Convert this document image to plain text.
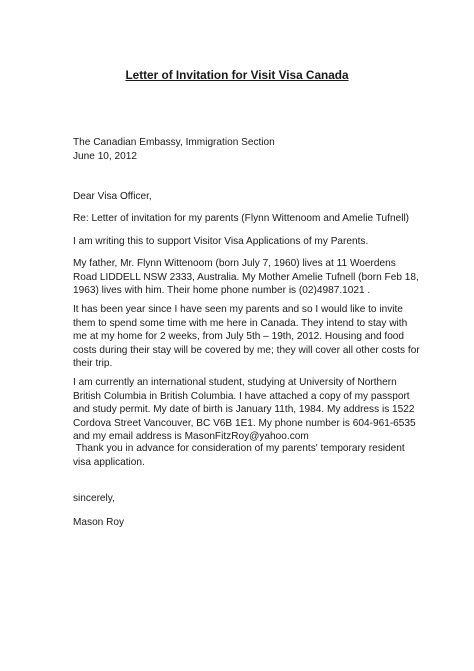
Letter of Invitation for Visit Visa Canada
The Canadian Embassy, Immigration Section
June 10, 2012
Dear Visa Officer,
Re: Letter of invitation for my parents (Flynn Wittenoom and Amelie Tufnell)
I am writing this to support Visitor Visa Applications of my Parents.
My father, Mr. Flynn Wittenoom (born July 7, 1960) lives at 11 Woerdens
Road LIDDELL NSW 2333, Australia. My Mother Amelie Tufnell (born Feb 18,
1963) lives with him. Their home phone number is (02)4987.1021 .
It has been year since I have seen my parents and so I would like to invite
them to spend some time with me here in Canada. They intend to stay with
me at my home for 2 weeks, from July 5th – 19th, 2012. Housing and food
costs during their stay will be covered by me; they will cover all other costs for
their trip.
I am currently an international student, studying at University of Northern
British Columbia in British Columbia. I have attached a copy of my passport
and study permit. My date of birth is January 11th, 1984. My address is 1522
Cordova Street Vancouver, BC V6B 1E1. My phone number is 604-961-6535
and my email address is MasonFitzRoy@yahoo.com
Thank you in advance for consideration of my parents' temporary resident
visa application.
sincerely,
Mason Roy
